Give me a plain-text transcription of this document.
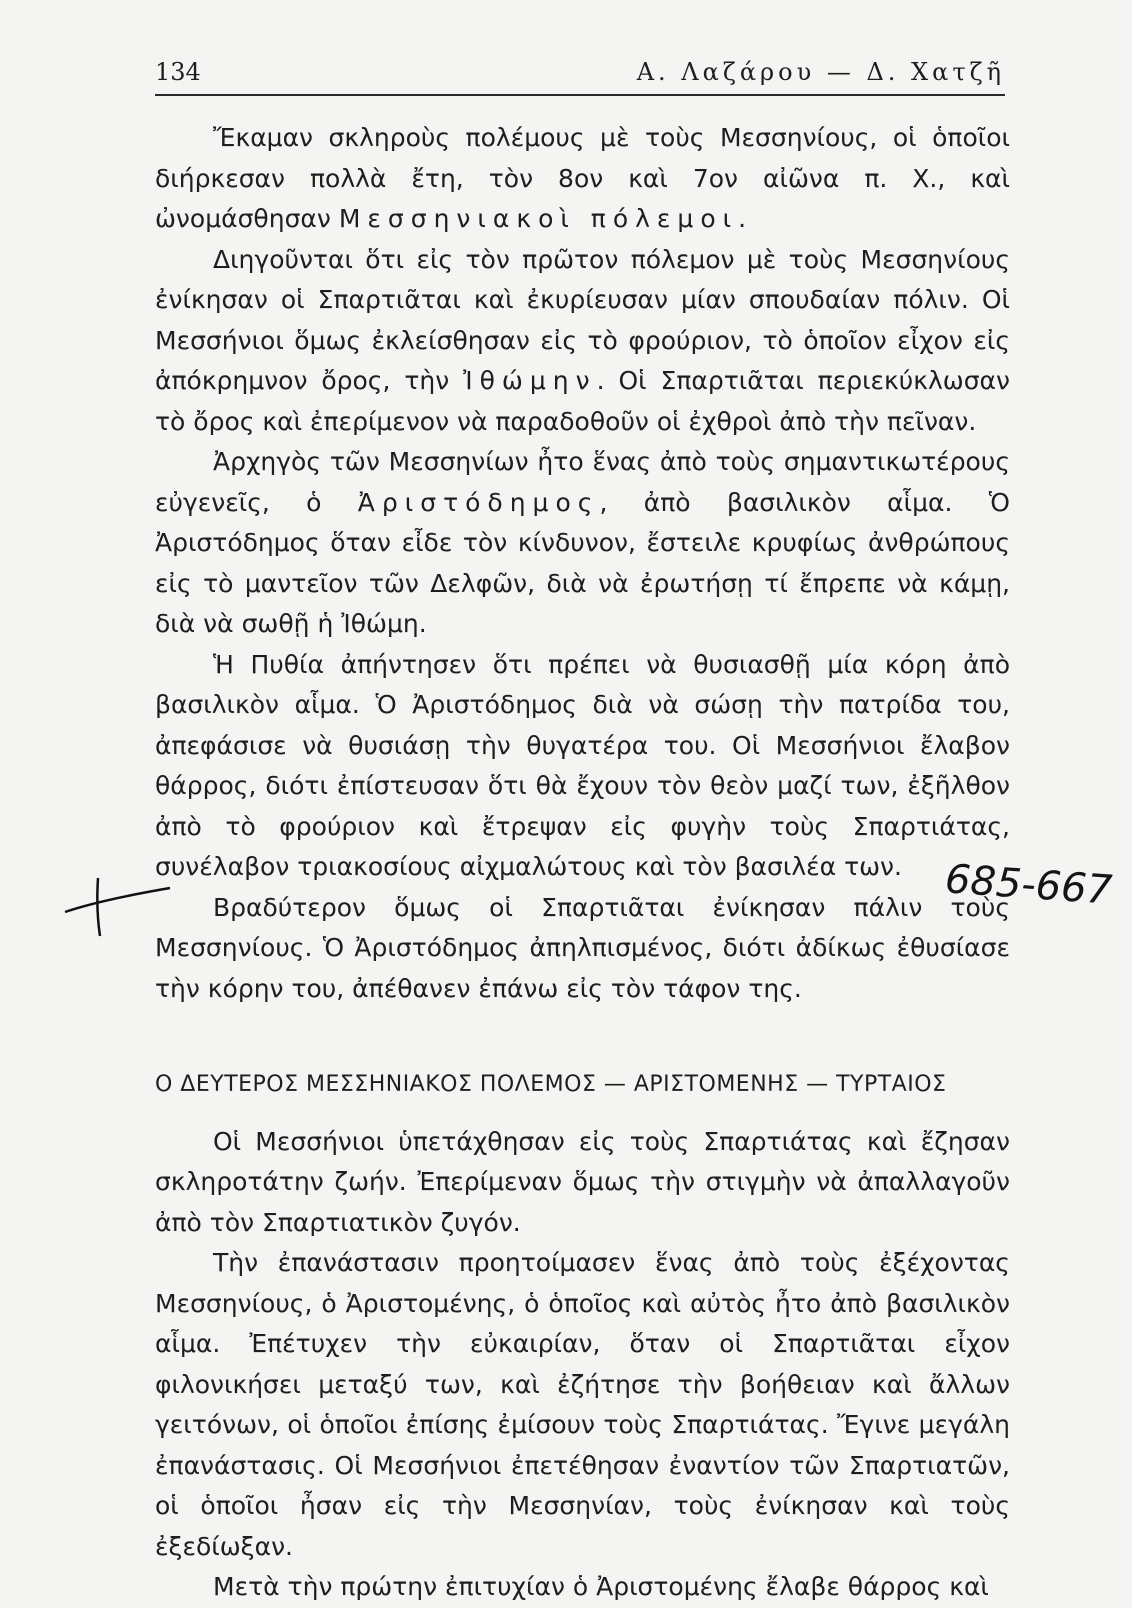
134	Α. Λαζάρου — Δ. Χατζῆ

Ἔκαμαν σκληροὺς πολέμους μὲ τοὺς Μεσσηνίους, οἱ ὁποῖοι διήρκεσαν πολλὰ ἔτη, τὸν 8ον καὶ 7ον αἰῶνα π. Χ., καὶ ὠνομάσθησαν Μεσσηνιακοὶ πόλεμοι.

Διηγοῦνται ὅτι εἰς τὸν πρῶτον πόλεμον μὲ τοὺς Μεσσηνίους ἐνίκησαν οἱ Σπαρτιᾶται καὶ ἐκυρίευσαν μίαν σπουδαίαν πόλιν. Οἱ Μεσσήνιοι ὅμως ἐκλείσθησαν εἰς τὸ φρούριον, τὸ ὁποῖον εἶχον εἰς ἀπόκρημνον ὄρος, τὴν Ἰθώμην. Οἱ Σπαρτιᾶται περιεκύκλωσαν τὸ ὄρος καὶ ἐπερίμενον νὰ παραδοθοῦν οἱ ἐχθροὶ ἀπὸ τὴν πεῖναν.

Ἀρχηγὸς τῶν Μεσσηνίων ἦτο ἕνας ἀπὸ τοὺς σημαντικωτέρους εὐγενεῖς, ὁ Ἀριστόδημος, ἀπὸ βασιλικὸν αἷμα. Ὁ Ἀριστόδημος ὅταν εἶδε τὸν κίνδυνον, ἔστειλε κρυφίως ἀνθρώπους εἰς τὸ μαντεῖον τῶν Δελφῶν, διὰ νὰ ἐρωτήσῃ τί ἔπρεπε νὰ κάμῃ, διὰ νὰ σωθῇ ἡ Ἰθώμη.

Ἡ Πυθία ἀπήντησεν ὅτι πρέπει νὰ θυσιασθῇ μία κόρη ἀπὸ βασιλικὸν αἷμα. Ὁ Ἀριστόδημος διὰ νὰ σώσῃ τὴν πατρίδα του, ἀπεφάσισε νὰ θυσιάσῃ τὴν θυγατέρα του. Οἱ Μεσσήνιοι ἔλαβον θάρρος, διότι ἐπίστευσαν ὅτι θὰ ἔχουν τὸν θεὸν μαζί των, ἐξῆλθον ἀπὸ τὸ φρούριον καὶ ἔτρεψαν εἰς φυγὴν τοὺς Σπαρτιάτας, συνέλαβον τριακοσίους αἰχμαλώτους καὶ τὸν βασιλέα των.

Βραδύτερον ὅμως οἱ Σπαρτιᾶται ἐνίκησαν πάλιν τοὺς Μεσσηνίους. Ὁ Ἀριστόδημος ἀπηλπισμένος, διότι ἀδίκως ἐθυσίασε τὴν κόρην του, ἀπέθανεν ἐπάνω εἰς τὸν τάφον της.

Ο ΔΕΥΤΕΡΟΣ ΜΕΣΣΗΝΙΑΚΟΣ ΠΟΛΕΜΟΣ — ΑΡΙΣΤΟΜΕΝΗΣ — ΤΥΡΤΑΙΟΣ

Οἱ Μεσσήνιοι ὑπετάχθησαν εἰς τοὺς Σπαρτιάτας καὶ ἔζησαν σκληροτάτην ζωήν. Ἐπερίμεναν ὅμως τὴν στιγμὴν νὰ ἀπαλλαγοῦν ἀπὸ τὸν Σπαρτιατικὸν ζυγόν.

Τὴν ἐπανάστασιν προητοίμασεν ἕνας ἀπὸ τοὺς ἐξέχοντας Μεσσηνίους, ὁ Ἀριστομένης, ὁ ὁποῖος καὶ αὐτὸς ἦτο ἀπὸ βασιλικὸν αἷμα. Ἐπέτυχεν τὴν εὐκαιρίαν, ὅταν οἱ Σπαρτιᾶται εἶχον φιλονικήσει μεταξύ των, καὶ ἐζήτησε τὴν βοήθειαν καὶ ἄλλων γειτόνων, οἱ ὁποῖοι ἐπίσης ἐμίσουν τοὺς Σπαρτιάτας. Ἔγινε μεγάλη ἐπανάστασις. Οἱ Μεσσήνιοι ἐπετέθησαν ἐναντίον τῶν Σπαρτιατῶν, οἱ ὁποῖοι ἦσαν εἰς τὴν Μεσσηνίαν, τοὺς ἐνίκησαν καὶ τοὺς ἐξεδίωξαν.

Μετὰ τὴν πρώτην ἐπιτυχίαν ὁ Ἀριστομένης ἔλαβε θάρρος καὶ

685-667
